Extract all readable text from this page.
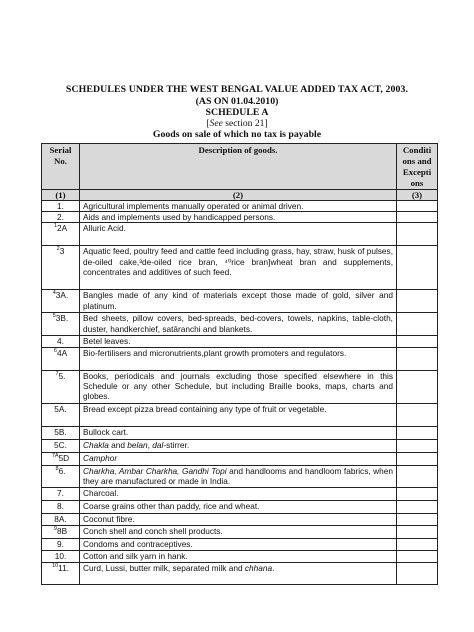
SCHEDULES UNDER THE WEST BENGAL VALUE ADDED TAX ACT, 2003.
(AS ON 01.04.2010)
SCHEDULE A
[See section 21]
Goods on sale of which no tax is payable
Serial No.	Description of goods.	Conditi ons and Excepti ons
(1)	(2)	(3)
1.	Agricultural implements manually operated or animal driven.	
2.	Aids and implements used by handicapped persons.	
$^1$2A	Alluric Acid.	
$^2$3	Aquatic feed, poultry feed and cattle feed including grass, hay, straw, husk of pulses, de-oiled cake,³de-oiled rice bran, ⁴⁰rice bran]wheat bran and supplements, concentrates and additives of such feed.	
$^4$3A.	Bangles made of any kind of materials except those made of gold, silver and platinum.	
$^5$3B.	Bed sheets, pillow covers, bed-spreads, bed-covers, towels, napkins, table-cloth, duster, handkerchief, satāranchi and blankets.	
4.	Betel leaves.	
$^6$4A	Bio-fertilisers and micronutrients,plant growth promoters and regulators.	
$^7$5.	Books, periodicals and journals excluding those specified elsewhere in this Schedule or any other Schedule, but including Braille books, maps, charts and globes.	
5A.	Bread except pizza bread containing any type of fruit or vegetable.	
5B.	Bullock cart.	
5C.	Chakla and belan, dal-stirrer.	
$^{7A}$5D	Camphor	
$^8$6.	Charkha, Ambar Charkha, Gandhi Topi and handlooms and handloom fabrics, when they are manufactured or made in India.	
7.	Charcoal.	
8.	Coarse grains other than paddy, rice and wheat.	
8A.	Coconut fibre.	
$^9$8B	Conch shell and conch shell products.	
9.	Condoms and contraceptives.	
10.	Cotton and silk yarn in hank.	
$^{10}$11.	Curd, Lussi, butter milk, separated milk and chhana.	
